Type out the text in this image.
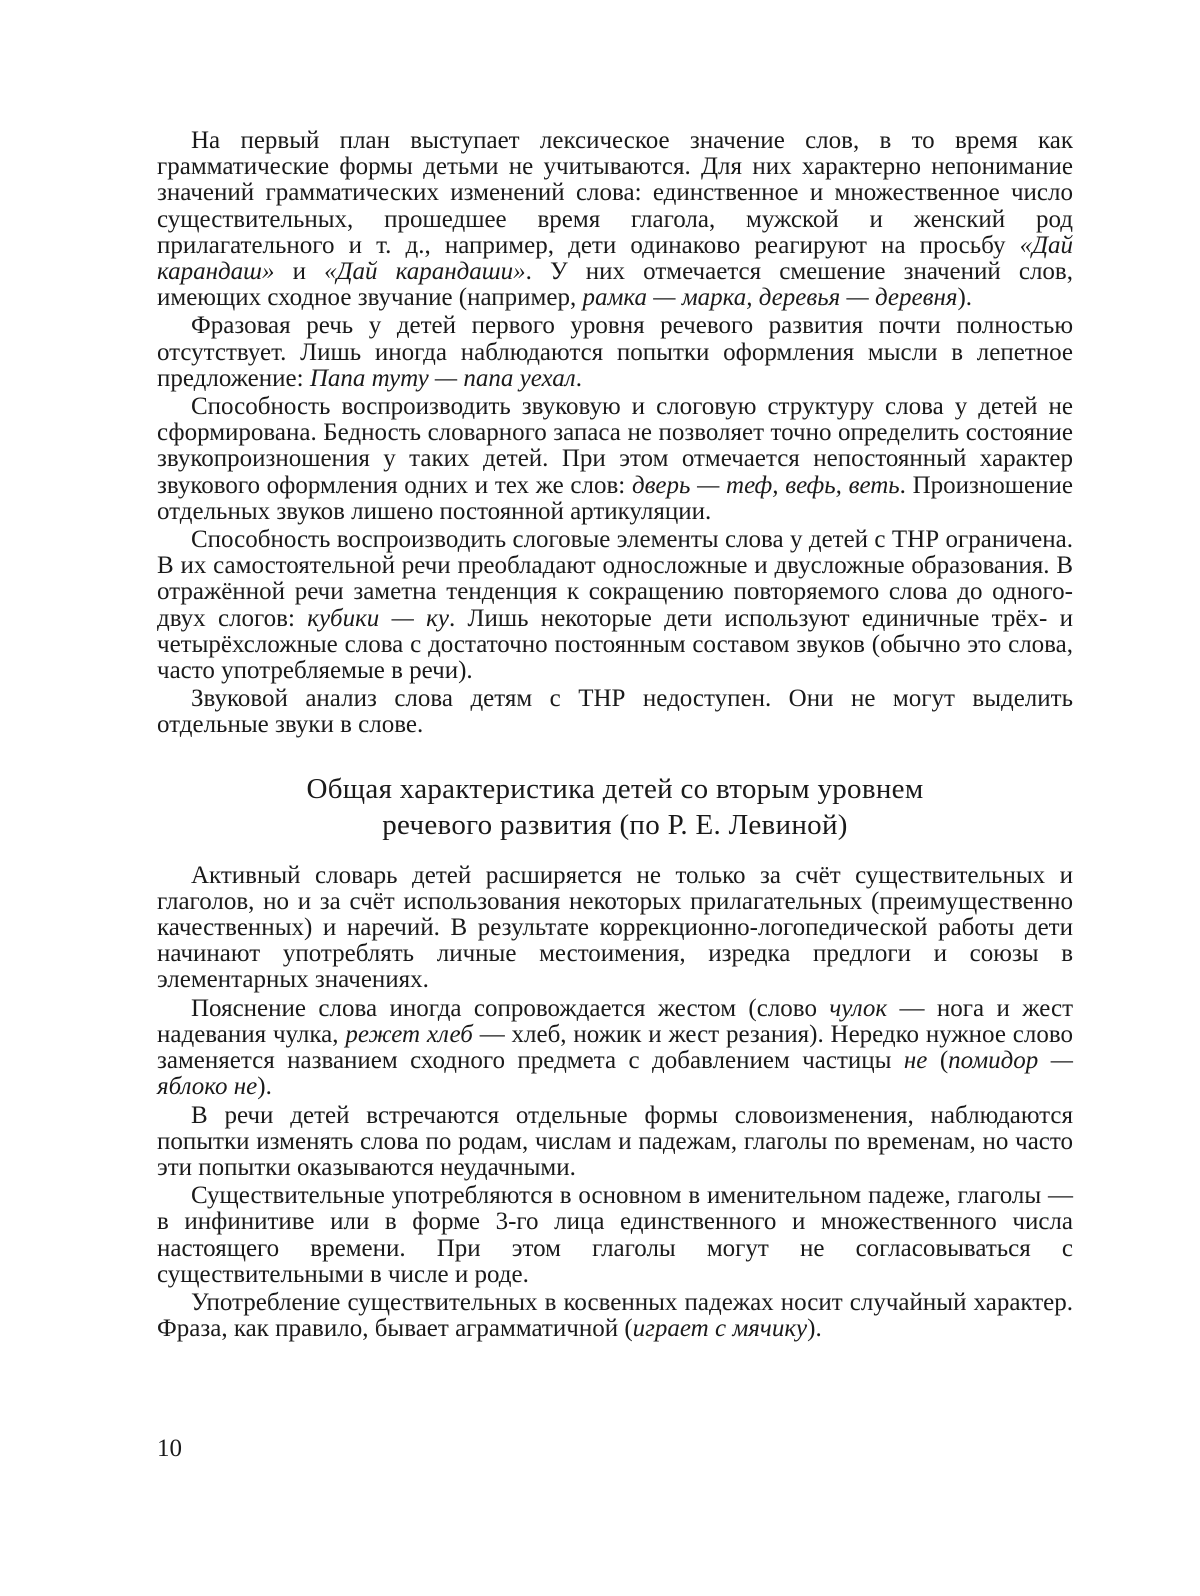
На первый план выступает лексическое значение слов, в то время как грамматические формы детьми не учитываются. Для них характерно непонимание значений грамматических изменений слова: единственное и множественное число существительных, прошедшее время глагола, мужской и женский род прилагательного и т. д., например, дети одинаково реагируют на просьбу «Дай карандаш» и «Дай карандаши». У них отмечается смешение значений слов, имеющих сходное звучание (например, рамка — марка, деревья — деревня).

Фразовая речь у детей первого уровня речевого развития почти полностью отсутствует. Лишь иногда наблюдаются попытки оформления мысли в лепетное предложение: Папа туту — папа уехал.

Способность воспроизводить звуковую и слоговую структуру слова у детей не сформирована. Бедность словарного запаса не позволяет точно определить состояние звукопроизношения у таких детей. При этом отмечается непостоянный характер звукового оформления одних и тех же слов: дверь — теф, вефь, веть. Произношение отдельных звуков лишено постоянной артикуляции.

Способность воспроизводить слоговые элементы слова у детей с ТНР ограничена. В их самостоятельной речи преобладают односложные и двусложные образования. В отражённой речи заметна тенденция к сокращению повторяемого слова до одного-двух слогов: кубики — ку. Лишь некоторые дети используют единичные трёх- и четырёхсложные слова с достаточно постоянным составом звуков (обычно это слова, часто употребляемые в речи).

Звуковой анализ слова детям с ТНР недоступен. Они не могут выделить отдельные звуки в слове.

Общая характеристика детей со вторым уровнем
речевого развития (по Р. Е. Левиной)

Активный словарь детей расширяется не только за счёт существительных и глаголов, но и за счёт использования некоторых прилагательных (преимущественно качественных) и наречий. В результате коррекционно-логопедической работы дети начинают употреблять личные местоимения, изредка предлоги и союзы в элементарных значениях.

Пояснение слова иногда сопровождается жестом (слово чулок — нога и жест надевания чулка, режет хлеб — хлеб, ножик и жест резания). Нередко нужное слово заменяется названием сходного предмета с добавлением частицы не (помидор — яблоко не).

В речи детей встречаются отдельные формы словоизменения, наблюдаются попытки изменять слова по родам, числам и падежам, глаголы по временам, но часто эти попытки оказываются неудачными.

Существительные употребляются в основном в именительном падеже, глаголы — в инфинитиве или в форме 3-го лица единственного и множественного числа настоящего времени. При этом глаголы могут не согласовываться с существительными в числе и роде.

Употребление существительных в косвенных падежах носит случайный характер. Фраза, как правило, бывает аграмматичной (играет с мячику).

10
